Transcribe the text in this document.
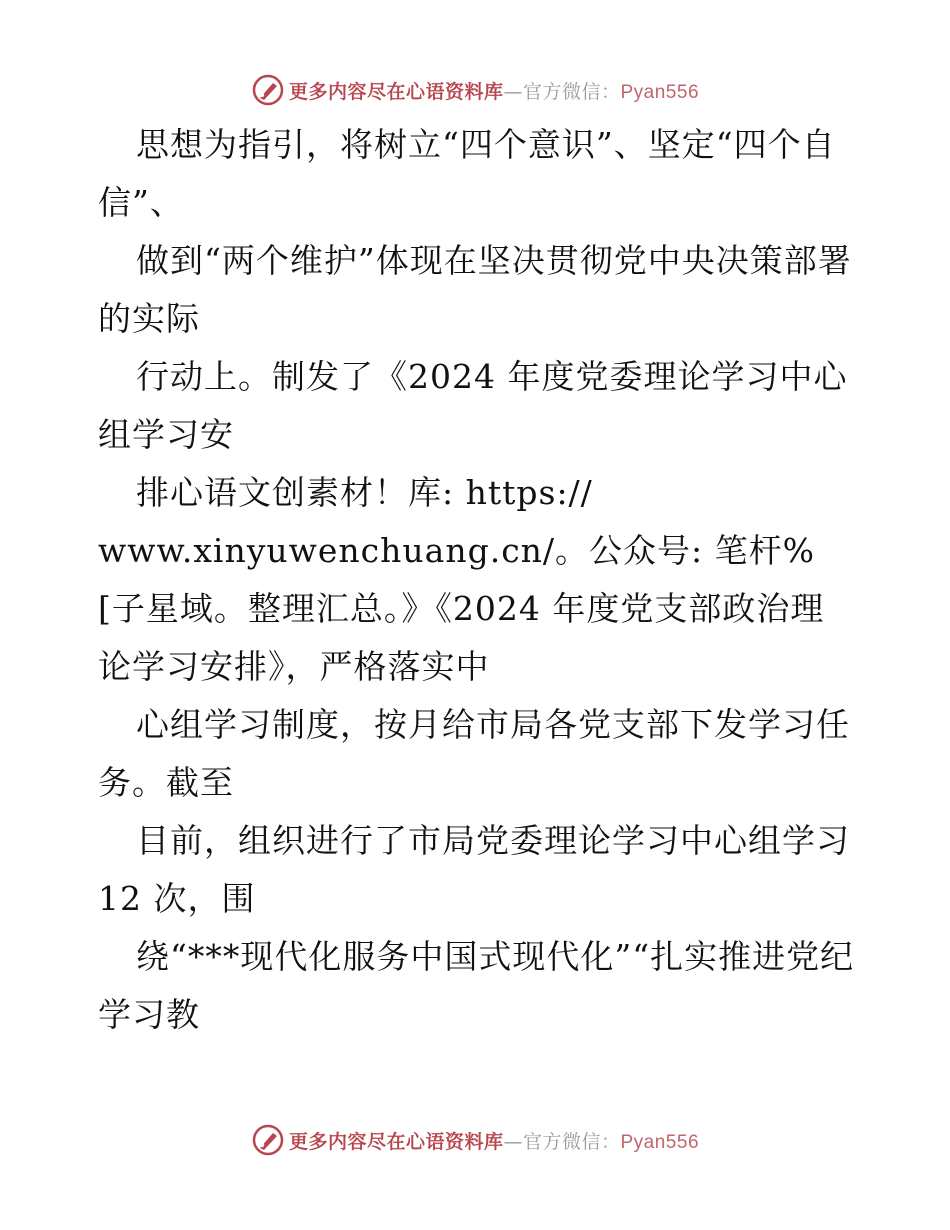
更多内容尽在心语资料库—官方微信：Pyan556

思想为指引，将树立“四个意识”、坚定“四个自信”、

做到“两个维护”体现在坚决贯彻党中央决策部署的实际

行动上。制发了《2024 年度党委理论学习中心组学习安

排心语文创素材！库: https://

www.xinyuwenchuang.cn/。公众号: 笔杆%[子星域。整理汇总。》《2024 年度党支部政治理论学习安排》，严格落实中

心组学习制度，按月给市局各党支部下发学习任务。截至

目前，组织进行了市局党委理论学习中心组学习 12 次，围

绕“***现代化服务中国式现代化”“扎实推进党纪学习教

更多内容尽在心语资料库—官方微信：Pyan556
